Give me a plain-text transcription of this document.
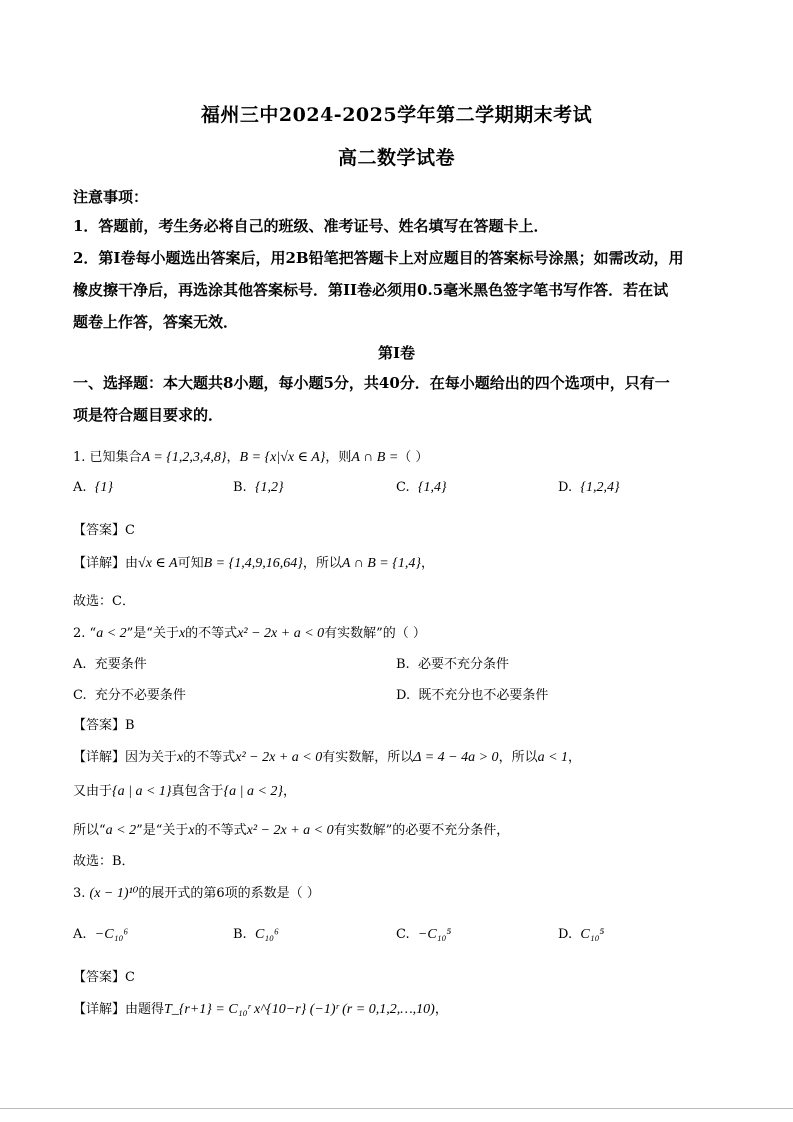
福州三中2024-2025学年第二学期期末考试
高二数学试卷
注意事项：
1．答题前，考生务必将自己的班级、准考证号、姓名填写在答题卡上．
2．第Ⅰ卷每小题选出答案后，用2B铅笔把答题卡上对应题目的答案标号涂黑；如需改动，用
橡皮擦干净后，再选涂其他答案标号．第II卷必须用0.5毫米黑色签字笔书写作答．若在试
题卷上作答，答案无效．
第Ⅰ卷
一、选择题：本大题共8小题，每小题5分，共40分．在每小题给出的四个选项中，只有一
项是符合题目要求的．
1. 已知集合A = {1,2,3,4,8}，B = {x|√x ∈ A}，则A ∩ B =（ ）
A. {1}	B. {1,2}	C. {1,4}	D. {1,2,4}
【答案】C
【详解】由√x ∈ A可知B = {1,4,9,16,64}，所以A ∩ B = {1,4}，
故选：C．
2. “a < 2”是“关于x的不等式x² − 2x + a < 0有实数解”的（ ）
A. 充要条件	B. 必要不充分条件
C. 充分不必要条件	D. 既不充分也不必要条件
【答案】B
【详解】因为关于x的不等式x² − 2x + a < 0有实数解，所以Δ = 4 − 4a > 0，所以a < 1，
又由于{a | a < 1}真包含于{a | a < 2}，
所以“a < 2”是“关于x的不等式x² − 2x + a < 0有实数解”的必要不充分条件，
故选：B．
3. (x − 1)¹⁰的展开式的第6项的系数是（ ）
A. −C₁₀⁶	B. C₁₀⁶	C. −C₁₀⁵	D. C₁₀⁵
【答案】C
【详解】由题得T_{r+1} = C₁₀ʳ x^{10−r} (−1)ʳ (r = 0,1,2,…,10)，
